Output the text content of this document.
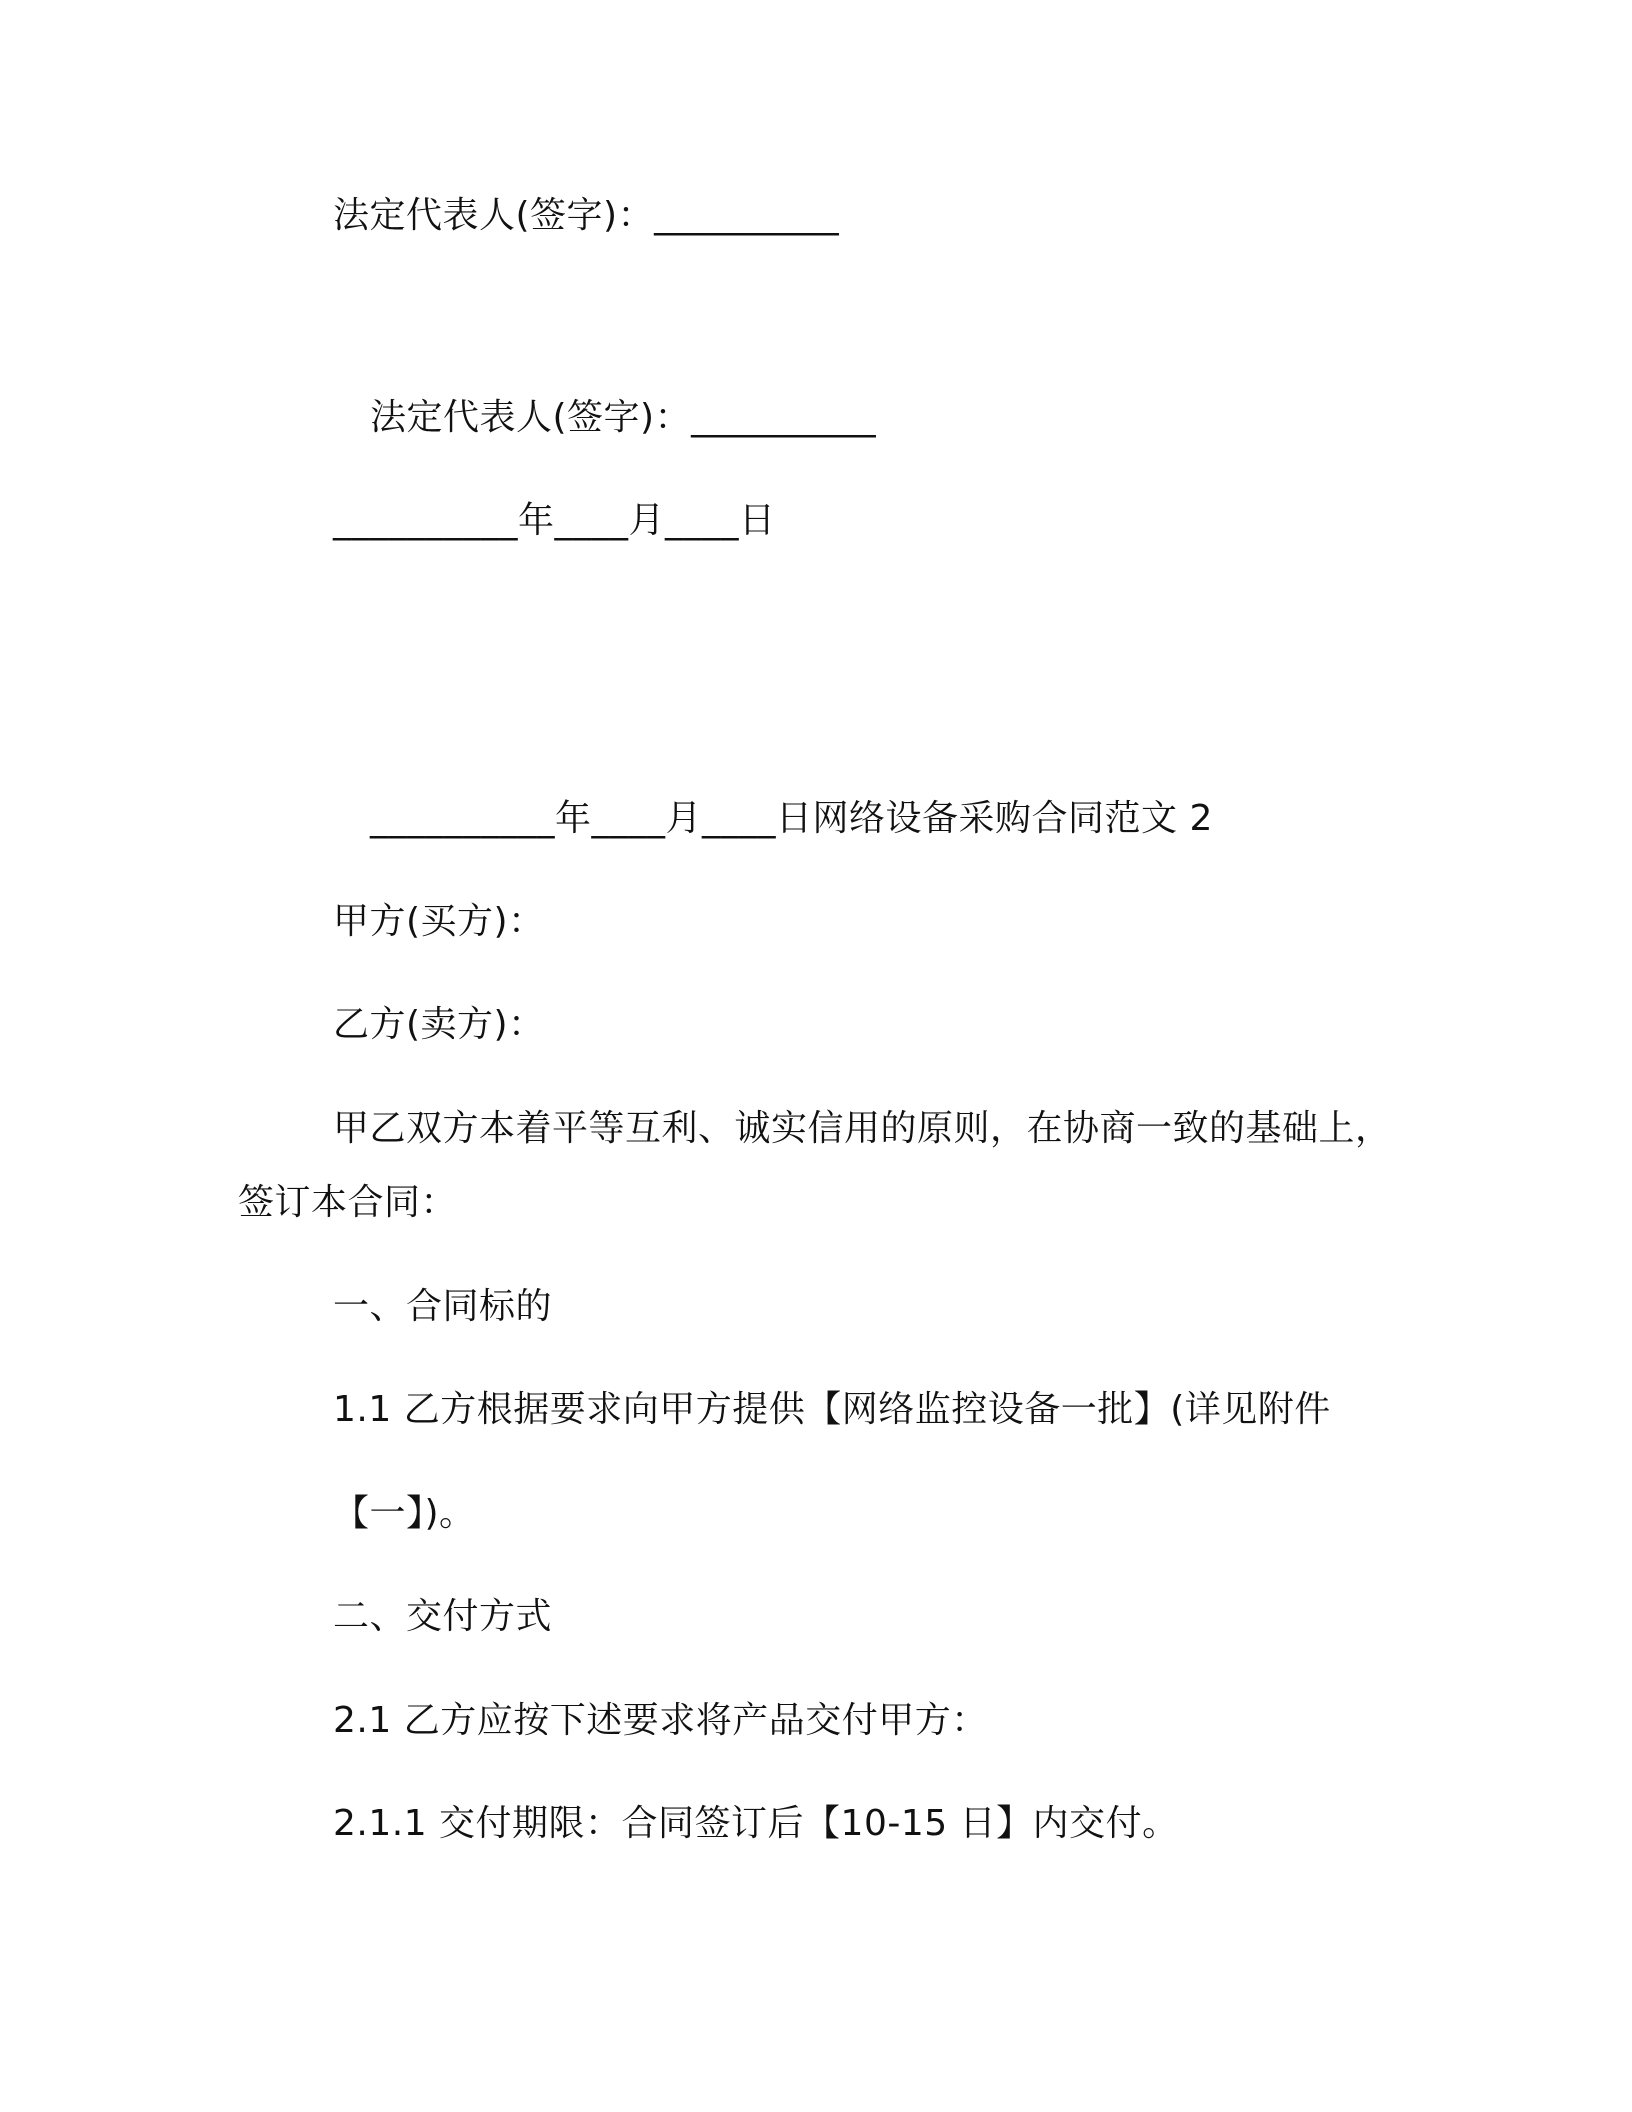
法定代表人(签字)：__________
法定代表人(签字)：__________
__________年____月____日
__________年____月____日网络设备采购合同范文 2
甲方(买方)：
乙方(卖方)：
甲乙双方本着平等互利、诚实信用的原则，在协商一致的基础上，
签订本合同：
一、合同标的
1.1 乙方根据要求向甲方提供【网络监控设备一批】(详见附件
【一】)。
二、交付方式
2.1 乙方应按下述要求将产品交付甲方：
2.1.1 交付期限：合同签订后【10-15 日】内交付。
